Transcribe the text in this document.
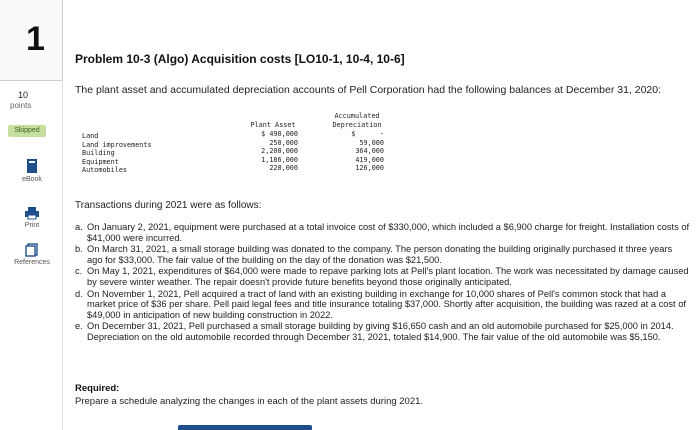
1
10
points
Skipped
eBook
Print
References
Problem 10-3 (Algo) Acquisition costs [LO10-1, 10-4, 10-6]
The plant asset and accumulated depreciation accounts of Pell Corporation had the following balances at December 31, 2020:
Accumulated
Plant Asset	Depreciation
Land
Land improvements
Building
Equipment
Automobiles
$ 490,000
250,000
2,200,000
1,186,000
220,000
$      -
59,000
364,000
419,000
126,000
Transactions during 2021 were as follows:
a. On January 2, 2021, equipment were purchased at a total invoice cost of $330,000, which included a $6,900 charge for freight. Installation costs of $41,000 were incurred.
b. On March 31, 2021, a small storage building was donated to the company. The person donating the building originally purchased it three years ago for $33,000. The fair value of the building on the day of the donation was $21,500.
c. On May 1, 2021, expenditures of $64,000 were made to repave parking lots at Pell's plant location. The work was necessitated by damage caused by severe winter weather. The repair doesn't provide future benefits beyond those originally anticipated.
d. On November 1, 2021, Pell acquired a tract of land with an existing building in exchange for 10,000 shares of Pell's common stock that had a market price of $36 per share. Pell paid legal fees and title insurance totaling $37,000. Shortly after acquisition, the building was razed at a cost of $49,000 in anticipation of new building construction in 2022.
e. On December 31, 2021, Pell purchased a small storage building by giving $16,650 cash and an old automobile purchased for $25,000 in 2014. Depreciation on the old automobile recorded through December 31, 2021, totaled $14,900. The fair value of the old automobile was $5,150.
Required:
Prepare a schedule analyzing the changes in each of the plant assets during 2021.
